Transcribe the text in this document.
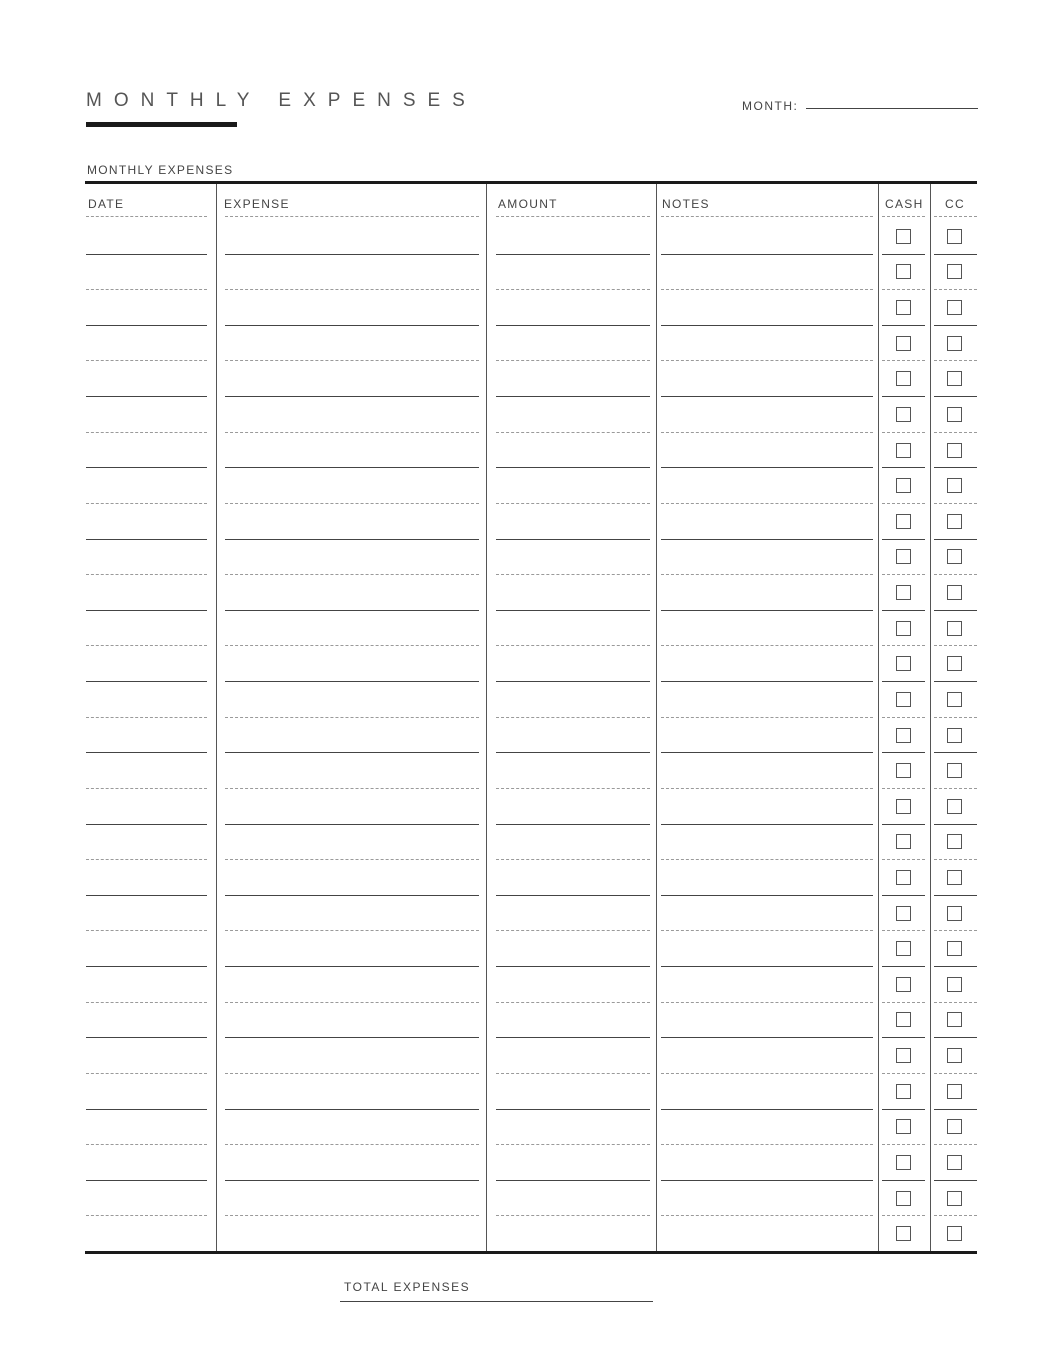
MONTHLY EXPENSES	MONTH:
MONTHLY EXPENSES
DATE	EXPENSE	AMOUNT	NOTES	CASH CC
TOTAL EXPENSES
